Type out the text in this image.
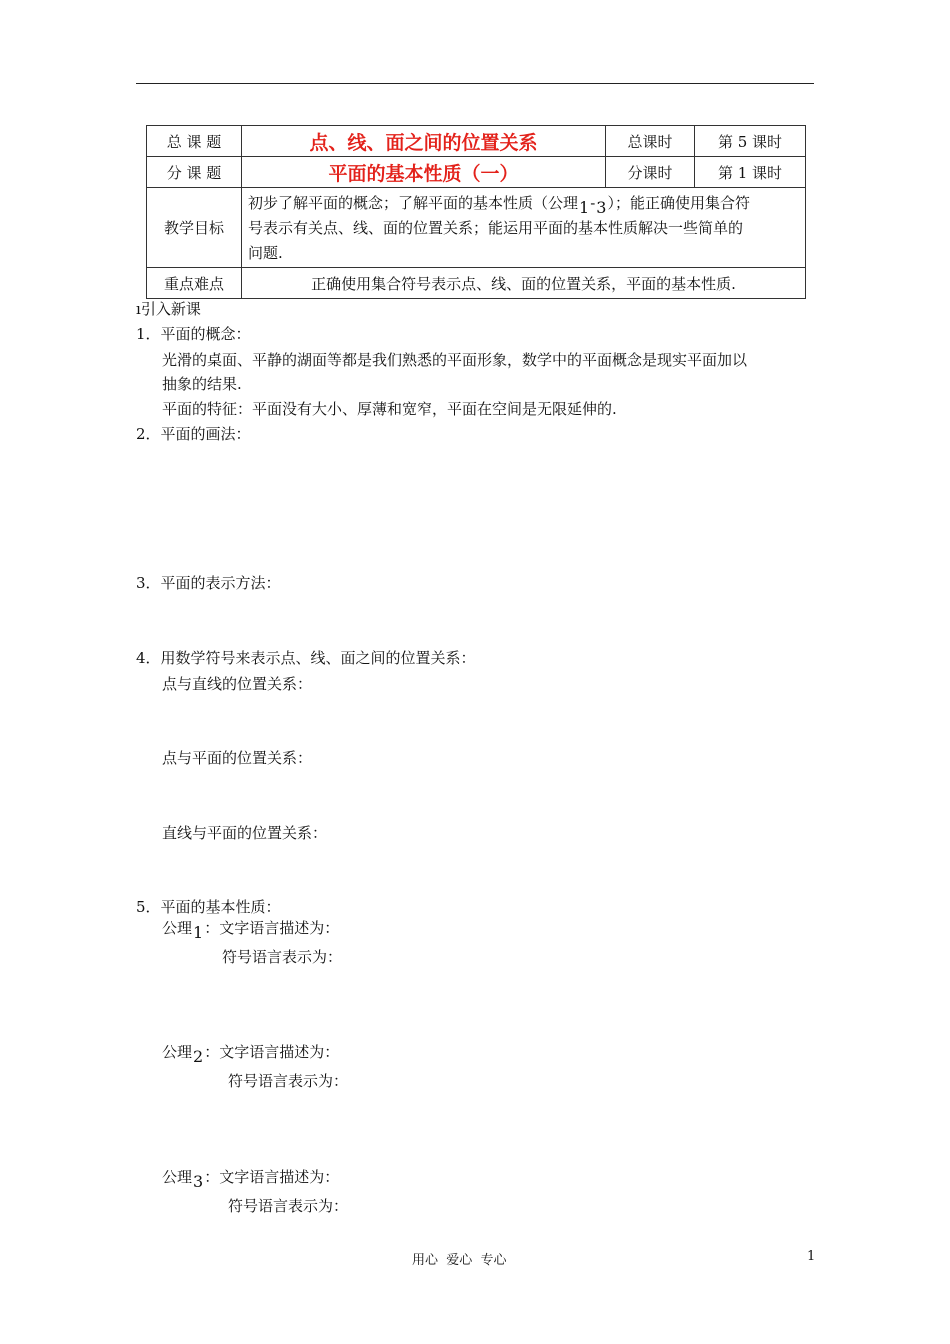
总 课 题	点、线、面之间的位置关系	总课时	第 5 课时
分 课 题	平面的基本性质（一）	分课时	第 1 课时
教学目标	初步了解平面的概念；了解平面的基本性质（公理1-3）；能正确使用集合符
号表示有关点、线、面的位置关系；能运用平面的基本性质解决一些简单的
问题.		

重点难点	正确使用集合符号表示点、线、面的位置关系，平面的基本性质.		
ı引入新课
1．平面的概念：
光滑的桌面、平静的湖面等都是我们熟悉的平面形象，数学中的平面概念是现实平面加以
抽象的结果.
平面的特征：平面没有大小、厚薄和宽窄，平面在空间是无限延伸的.
2．平面的画法：
3．平面的表示方法：
4．用数学符号来表示点、线、面之间的位置关系：
点与直线的位置关系：
点与平面的位置关系：
直线与平面的位置关系：
5．平面的基本性质：
公理1：文字语言描述为：
符号语言表示为：
公理2：文字语言描述为：
符号语言表示为：
公理3：文字语言描述为：
符号语言表示为：
用心  爱心  专心	1
